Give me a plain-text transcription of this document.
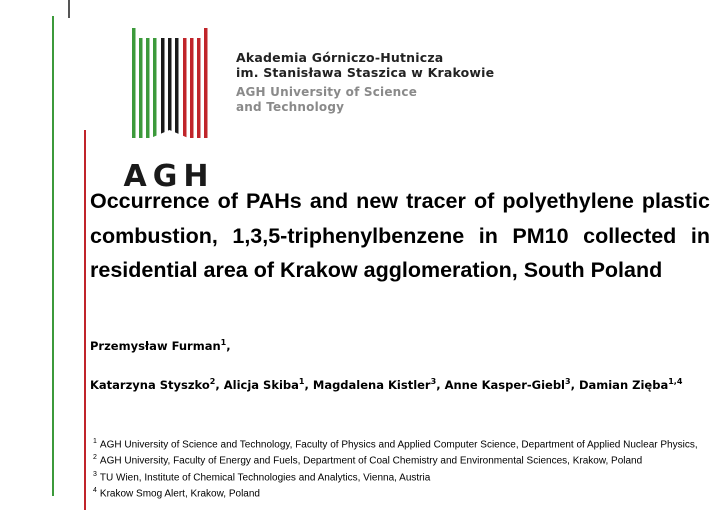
AGH
Akademia Górniczo-Hutnicza
im. Stanisława Staszica w Krakowie
AGH University of Science
and Technology

Occurrence of PAHs and new tracer of polyethylene plastic combustion, 1,3,5-triphenylbenzene in PM10 collected in residential area of Krakow agglomeration, South Poland

Przemysław Furman$^1$,
Katarzyna Styszko$^2$, Alicja Skiba$^1$, Magdalena Kistler$^3$, Anne Kasper-Giebl$^3$, Damian Zięba$^{1,4}$
$^1$ AGH University of Science and Technology, Faculty of Physics and Applied Computer Science, Department of Applied Nuclear Physics,
$^2$ AGH University, Faculty of Energy and Fuels, Department of Coal Chemistry and Environmental Sciences, Krakow, Poland
$^3$ TU Wien, Institute of Chemical Technologies and Analytics, Vienna, Austria
$^4$ Krakow Smog Alert, Krakow, Poland
